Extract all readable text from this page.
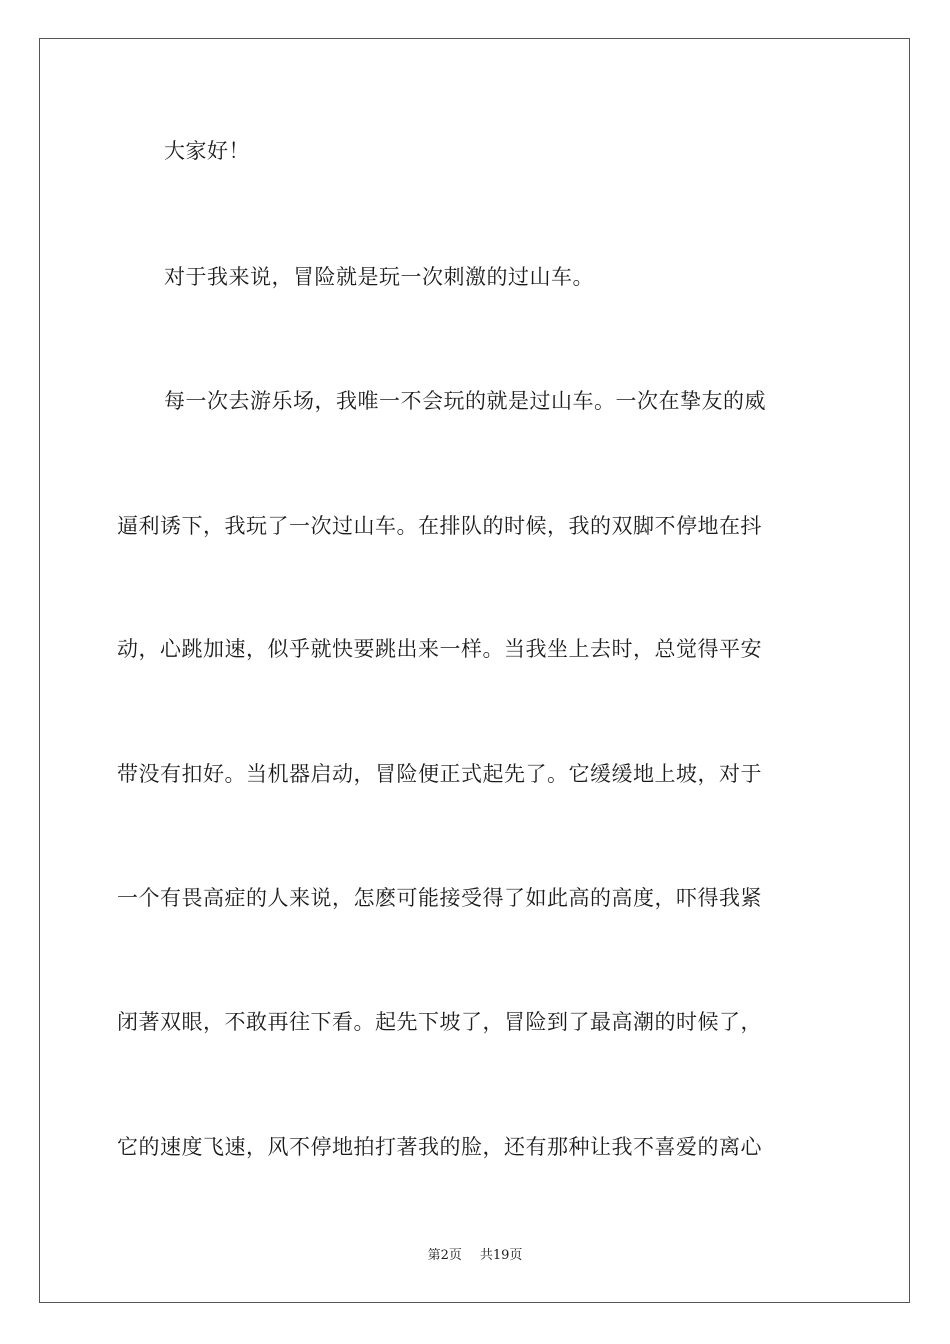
大家好！
对于我来说，冒险就是玩一次刺激的过山车。
每一次去游乐场，我唯一不会玩的就是过山车。一次在挚友的威
逼利诱下，我玩了一次过山车。在排队的时候，我的双脚不停地在抖
动，心跳加速，似乎就快要跳出来一样。当我坐上去时，总觉得平安
带没有扣好。当机器启动，冒险便正式起先了。它缓缓地上坡，对于
一个有畏高症的人来说，怎麽可能接受得了如此高的高度，吓得我紧
闭著双眼，不敢再往下看。起先下坡了，冒险到了最高潮的时候了，
它的速度飞速，风不停地拍打著我的脸，还有那种让我不喜爱的离心
第2页 共19页
